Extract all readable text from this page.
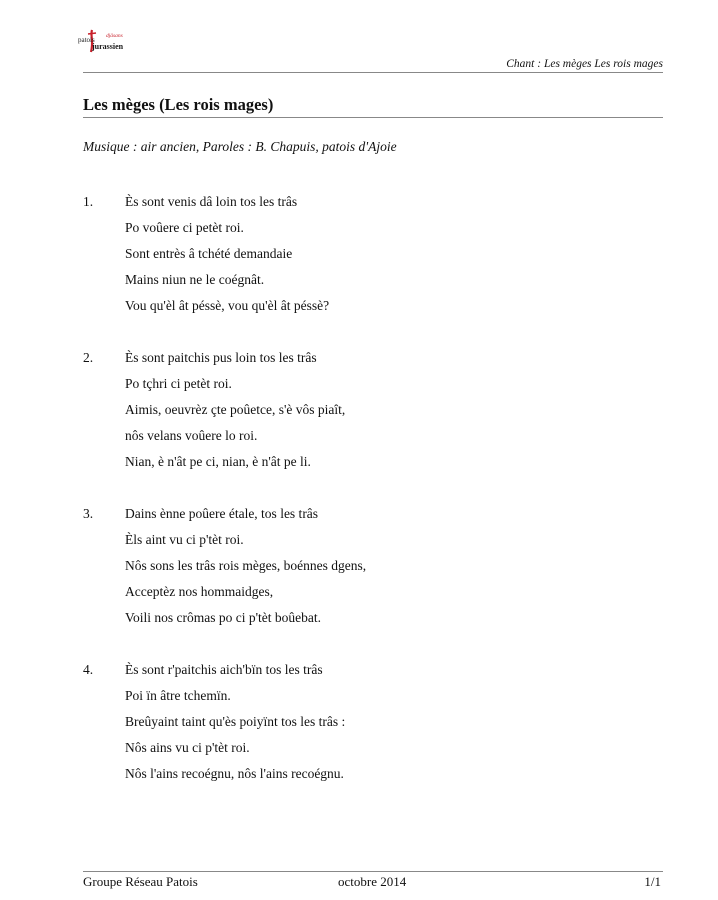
patois
jurassien
djâsans
Chant : Les mèges Les rois mages
Les mèges (Les rois mages)
Musique : air ancien, Paroles : B. Chapuis, patois d'Ajoie
1. Ès sont venis dâ loin tos les trâs
Po voûere ci petèt roi.
Sont entrès â tchété demandaie
Mains niun ne le coégnât.
Vou qu'èl ât péssè, vou qu'èl ât péssè?
2. Ès sont paitchis pus loin tos les trâs
Po tçhri ci petèt roi.
Aimis, oeuvrèz çte poûetce, s'è vôs piaît,
nôs velans voûere lo roi.
Nian, è n'ât pe ci, nian, è n'ât pe li.
3. Dains ènne poûere étale, tos les trâs
Èls aint vu ci p'tèt roi.
Nôs sons les trâs rois mèges, boénnes dgens,
Acceptèz nos hommaidges,
Voili nos crômas po ci p'tèt boûebat.
4. Ès sont r'paitchis aich'bïn tos les trâs
Poi ïn âtre tchemïn.
Breûyaint taint qu'ès poiyïnt tos les trâs :
Nôs ains vu ci p'tèt roi.
Nôs l'ains recoégnu, nôs l'ains recoégnu.
Groupe Réseau Patois	octobre 2014	1/1
